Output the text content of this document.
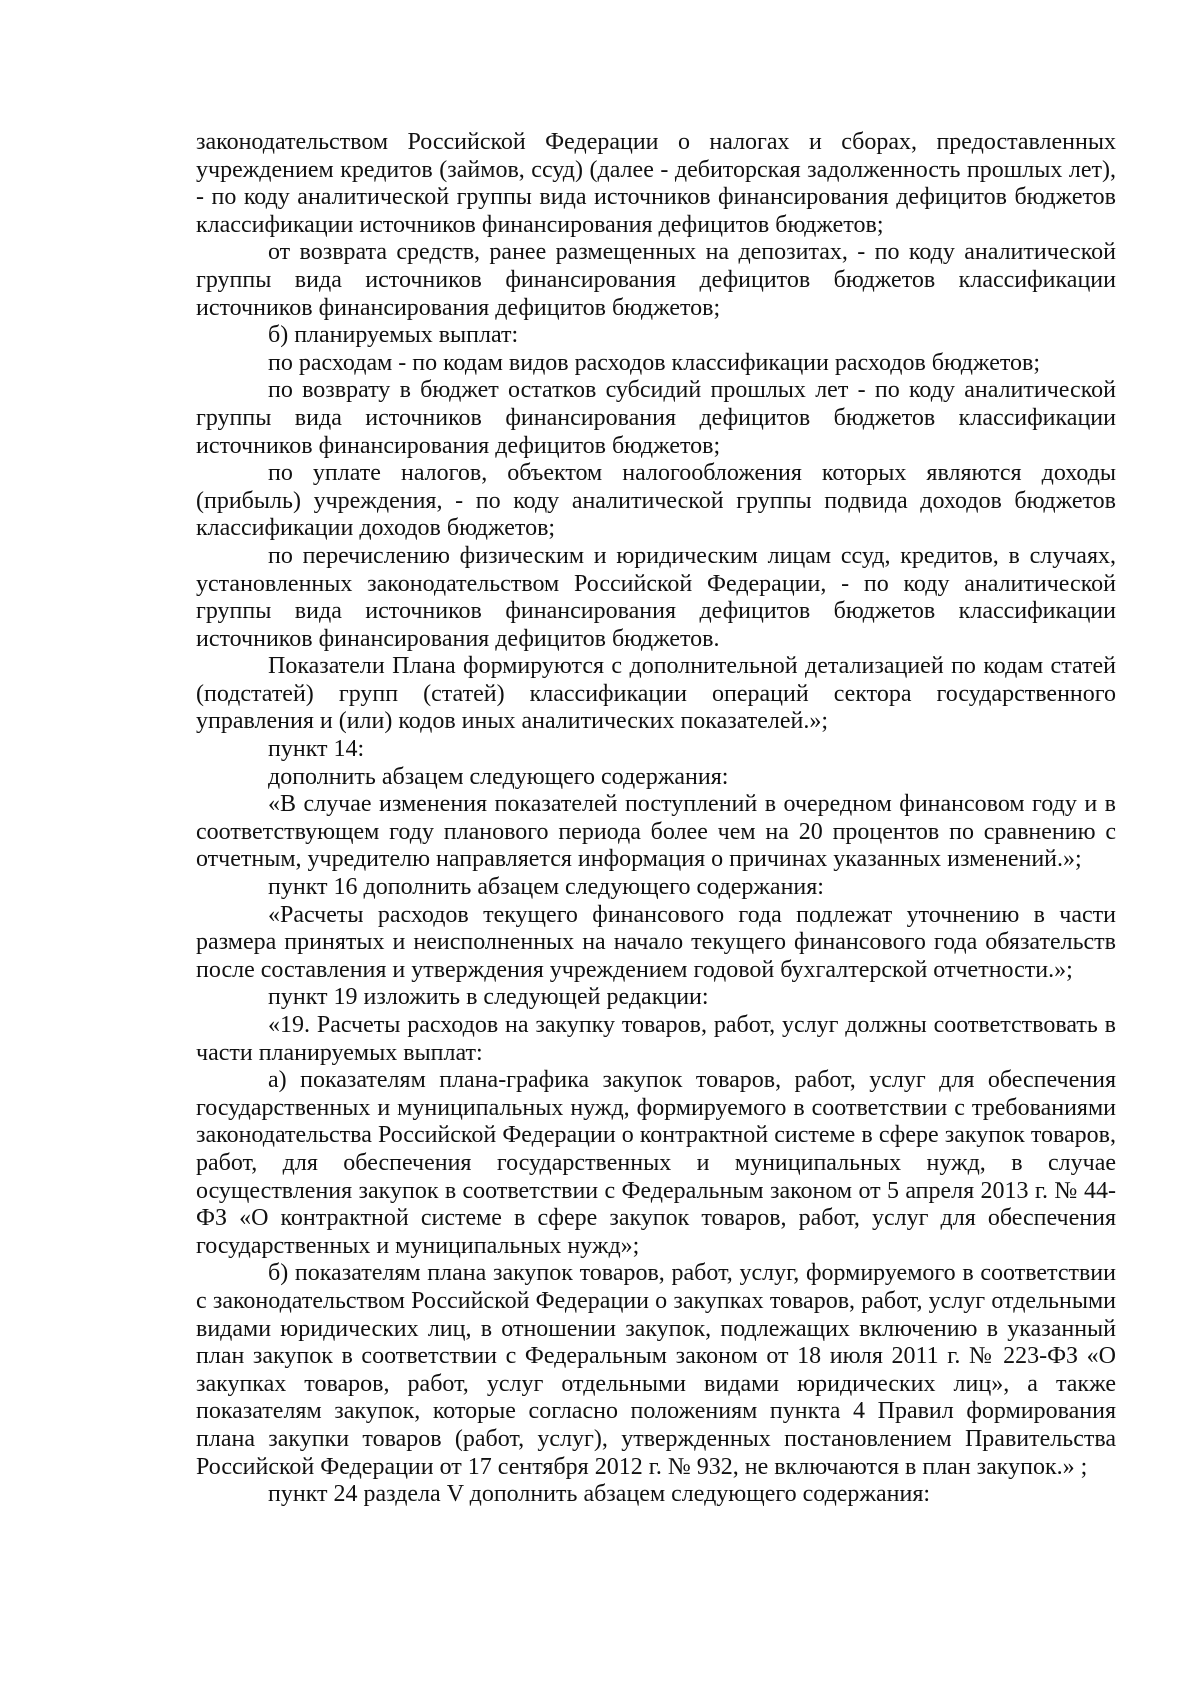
законодательством Российской Федерации о налогах и сборах, предоставленных учреждением кредитов (займов, ссуд) (далее - дебиторская задолженность прошлых лет), - по коду аналитической группы вида источников финансирования дефицитов бюджетов классификации источников финансирования дефицитов бюджетов;

от возврата средств, ранее размещенных на депозитах, - по коду аналитической группы вида источников финансирования дефицитов бюджетов классификации источников финансирования дефицитов бюджетов;

б) планируемых выплат:

по расходам - по кодам видов расходов классификации расходов бюджетов;

по возврату в бюджет остатков субсидий прошлых лет - по коду аналитической группы вида источников финансирования дефицитов бюджетов классификации источников финансирования дефицитов бюджетов;

по уплате налогов, объектом налогообложения которых являются доходы (прибыль) учреждения, - по коду аналитической группы подвида доходов бюджетов классификации доходов бюджетов;

по перечислению физическим и юридическим лицам ссуд, кредитов, в случаях, установленных законодательством Российской Федерации, - по коду аналитической группы вида источников финансирования дефицитов бюджетов классификации источников финансирования дефицитов бюджетов.

Показатели Плана формируются с дополнительной детализацией по кодам статей (подстатей) групп (статей) классификации операций сектора государственного управления и (или) кодов иных аналитических показателей.»;

пункт 14:

дополнить абзацем следующего содержания:

«В случае изменения показателей поступлений в очередном финансовом году и в соответствующем году планового периода более чем на 20 процентов по сравнению с отчетным, учредителю направляется информация о причинах указанных изменений.»;

пункт 16 дополнить абзацем следующего содержания:

«Расчеты расходов текущего финансового года подлежат уточнению в части размера принятых и неисполненных на начало текущего финансового года обязательств после составления и утверждения учреждением годовой бухгалтерской отчетности.»;

пункт 19 изложить в следующей редакции:

«19. Расчеты расходов на закупку товаров, работ, услуг должны соответствовать в части планируемых выплат:

а) показателям плана-графика закупок товаров, работ, услуг для обеспечения государственных и муниципальных нужд, формируемого в соответствии с требованиями законодательства Российской Федерации о контрактной системе в сфере закупок товаров, работ, для обеспечения государственных и муниципальных нужд, в случае осуществления закупок в соответствии с Федеральным законом от 5 апреля 2013 г. № 44-ФЗ «О контрактной системе в сфере закупок товаров, работ, услуг для обеспечения государственных и муниципальных нужд»;

б) показателям плана закупок товаров, работ, услуг, формируемого в соответствии с законодательством Российской Федерации о закупках товаров, работ, услуг отдельными видами юридических лиц, в отношении закупок, подлежащих включению в указанный план закупок в соответствии с Федеральным законом от 18 июля 2011 г. № 223-ФЗ «О закупках товаров, работ, услуг отдельными видами юридических лиц», а также показателям закупок, которые согласно положениям пункта 4 Правил формирования плана закупки товаров (работ, услуг), утвержденных постановлением Правительства Российской Федерации от 17 сентября 2012 г. № 932, не включаются в план закупок.» ;

пункт 24 раздела V дополнить абзацем следующего содержания:
